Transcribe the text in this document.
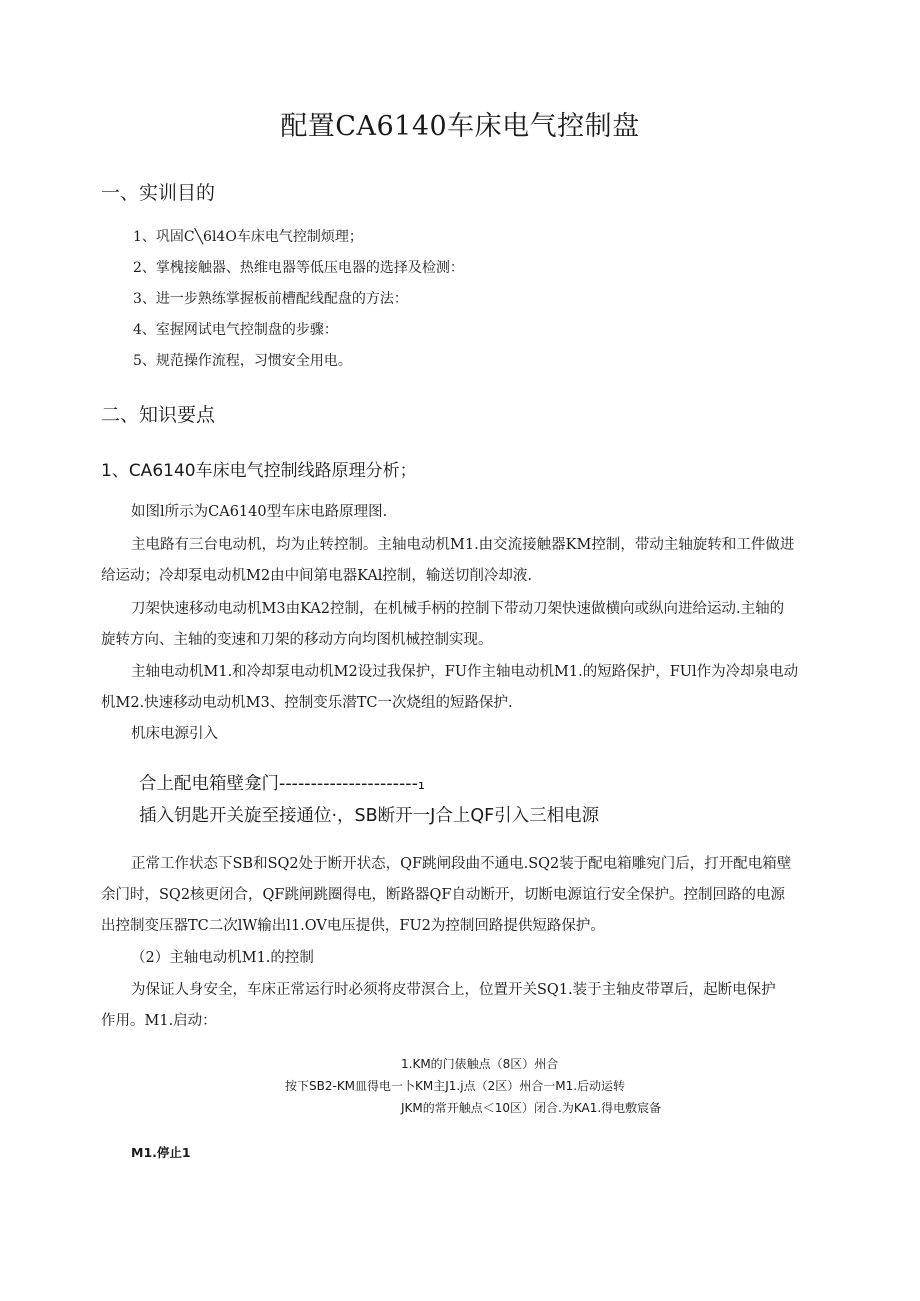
配置CA6140车床电气控制盘
一、实训目的
1、巩固C╲6l4O车床电气控制烦理；
2、掌槐接触器、热维电器等低压电器的选择及检测：
3、进一步熟练掌握板前槽配线配盘的方法：
4、室握网试电气控制盘的步骤：
5、规范操作流程，习惯安全用电。
二、知识要点
1、CA6140车床电气控制线路原理分析；
如图l所示为CA6140型车床电路原理图.
主电路有三台电动机，均为止转控制。主轴电动机M1.由交流接触器KM控制，带动主轴旋转和工件做进
给运动；冷却泵电动机M2由中间第电器KAl控制，输送切削冷却液.
刀架快速移动电动机M3由KA2控制，在机械手柄的控制下带动刀架快速做横向或纵向进给运动.主轴的
旋转方向、主轴的变速和刀架的移动方向均图机械控制实现。
主轴电动机M1.和冷却泵电动机M2设过我保护，FU作主轴电动机M1.的短路保护，FUl作为冷却泉电动
机M2.快速移动电动机M3、控制变乐潜TC一次烧组的短路保护.
机床电源引入
合上配电箱壁龛门----------------------₁
插入钥匙开关旋至接通位·，SB断开一J合上QF引入三相电源
正常工作状态下SB和SQ2处于断开状态，QF跳闸段曲不通电.SQ2装于配电箱雕宛门后，打开配电箱壁
余门时，SQ2核更闭合，QF跳闸跳圈得电，断路器QF自动断开，切断电源谊行安全保护。控制回路的电源
出控制变压器TC二次lW输出l1.OV电压提供，FU2为控制回路提供短路保护。
（2）主轴电动机M1.的控制
为保证人身安全，车床正常运行时必须将皮带溟合上，位置开关SQ1.装于主轴皮带罩后，起断电保护
作用。M1.启动：
1.KM的门俵触点（8区）州合
按下SB2-KM皿得电一卜KM主J1.j点（2区）州合一M1.后动运转
JKM的常开触点＜10区）闭合.为KA1.得电敷宸备
M1.停止1
